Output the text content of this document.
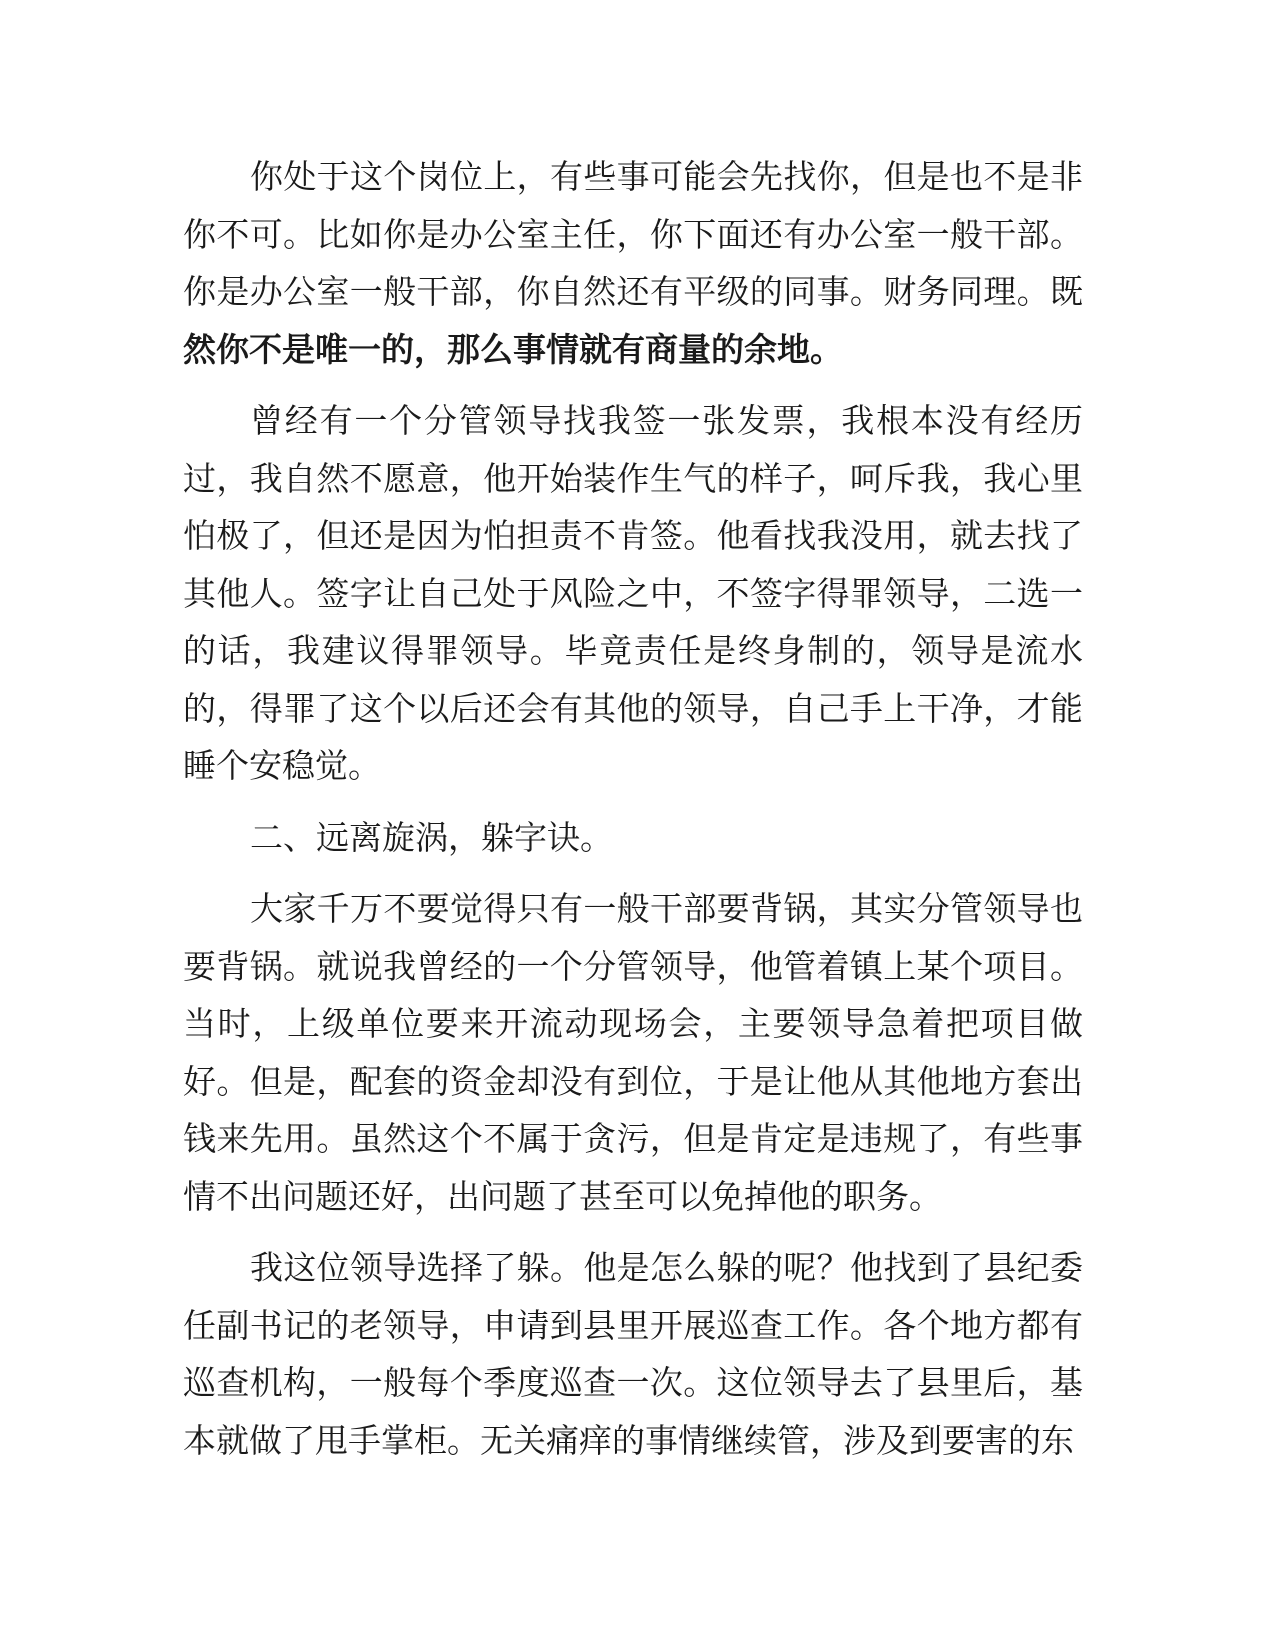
你处于这个岗位上，有些事可能会先找你，但是也不是非你不可。比如你是办公室主任，你下面还有办公室一般干部。你是办公室一般干部，你自然还有平级的同事。财务同理。既然你不是唯一的，那么事情就有商量的余地。

曾经有一个分管领导找我签一张发票，我根本没有经历过，我自然不愿意，他开始装作生气的样子，呵斥我，我心里怕极了，但还是因为怕担责不肯签。他看找我没用，就去找了其他人。签字让自己处于风险之中，不签字得罪领导，二选一的话，我建议得罪领导。毕竟责任是终身制的，领导是流水的，得罪了这个以后还会有其他的领导，自己手上干净，才能睡个安稳觉。

二、远离旋涡，躲字诀。

大家千万不要觉得只有一般干部要背锅，其实分管领导也要背锅。就说我曾经的一个分管领导，他管着镇上某个项目。当时，上级单位要来开流动现场会，主要领导急着把项目做好。但是，配套的资金却没有到位，于是让他从其他地方套出钱来先用。虽然这个不属于贪污，但是肯定是违规了，有些事情不出问题还好，出问题了甚至可以免掉他的职务。

我这位领导选择了躲。他是怎么躲的呢？他找到了县纪委任副书记的老领导，申请到县里开展巡查工作。各个地方都有巡查机构，一般每个季度巡查一次。这位领导去了县里后，基本就做了甩手掌柜。无关痛痒的事情继续管，涉及到要害的东
